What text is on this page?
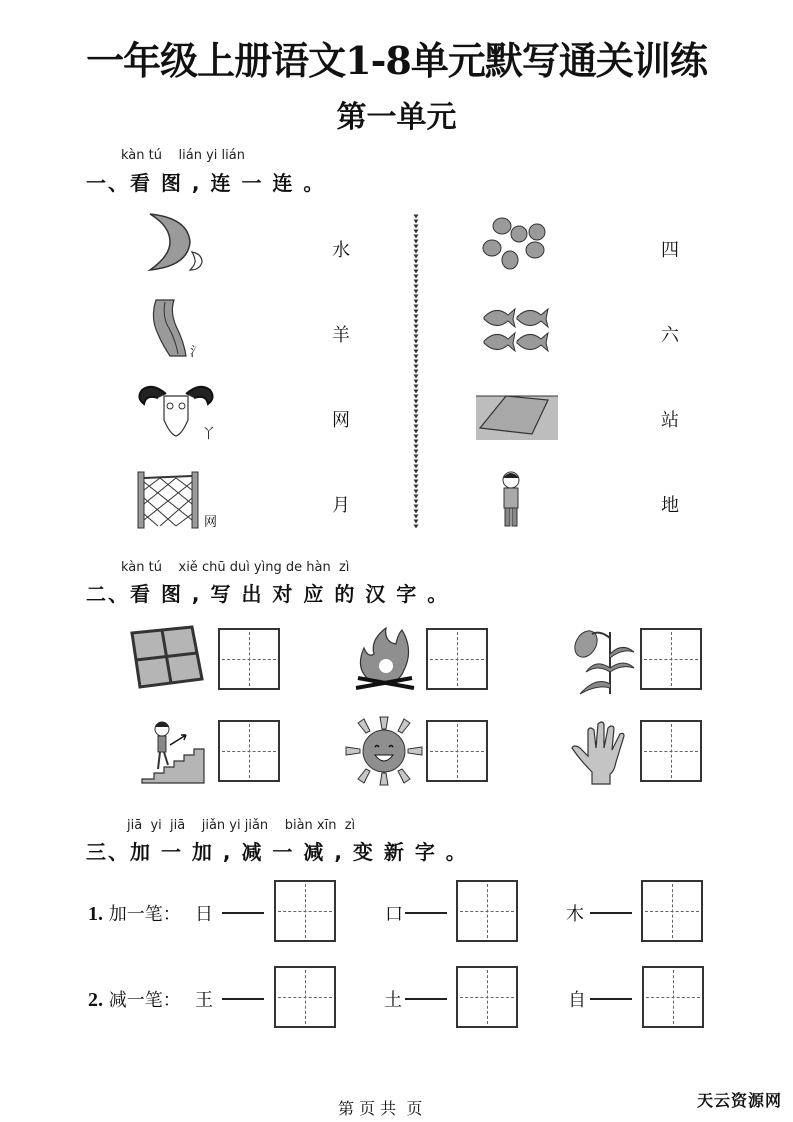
一年级上册语文1-8单元默写通关训练
第一单元
kàn tú    lián yi lián
一、看 图 , 连 一 连 。
氵
丫
网
水
羊
网
月
四
六
站
地
kàn tú    xiě chū duì yìng de hàn  zì
二、看 图 , 写 出 对 应 的 汉 字 。
jiā  yi  jiā    jiǎn yi jiǎn    biàn xīn  zì
三、加 一 加 , 减 一 减 , 变 新 字 。
1. 加一笔： 日	口	木
2. 减一笔： 王	土	自
第 页 共  页	天云资源网
